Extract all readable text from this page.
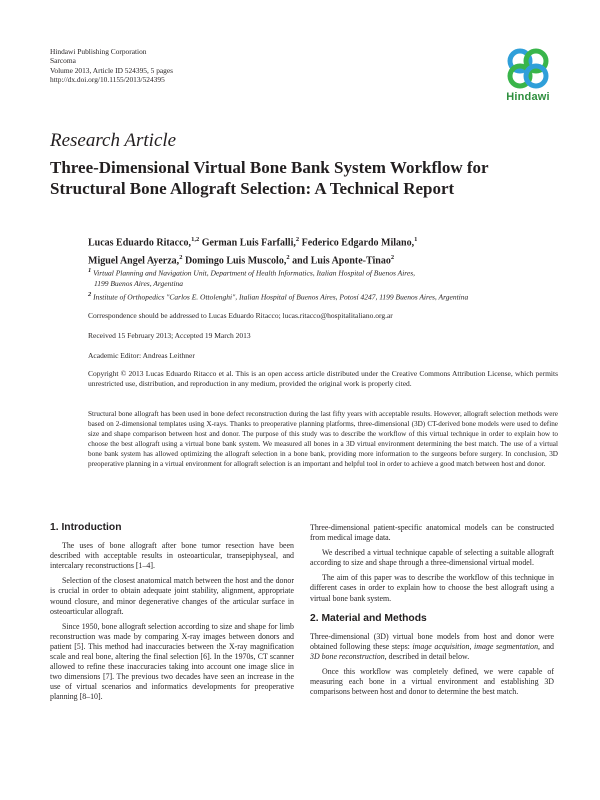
Hindawi Publishing Corporation
Sarcoma
Volume 2013, Article ID 524395, 5 pages
http://dx.doi.org/10.1155/2013/524395
Hindawi
Research Article
Three-Dimensional Virtual Bone Bank System Workflow for
Structural Bone Allograft Selection: A Technical Report
Lucas Eduardo Ritacco,$^{1,2}$ German Luis Farfalli,$^2$ Federico Edgardo Milano,$^1$
Miguel Angel Ayerza,$^2$ Domingo Luis Muscolo,$^2$ and Luis Aponte-Tinao$^2$
$^1$ Virtual Planning and Navigation Unit, Department of Health Informatics, Italian Hospital of Buenos Aires,
1199 Buenos Aires, Argentina
$^2$ Institute of Orthopedics "Carlos E. Ottolenghi", Italian Hospital of Buenos Aires, Potosí 4247, 1199 Buenos Aires, Argentina
Correspondence should be addressed to Lucas Eduardo Ritacco; lucas.ritacco@hospitalitaliano.org.ar
Received 15 February 2013; Accepted 19 March 2013
Academic Editor: Andreas Leithner
Copyright © 2013 Lucas Eduardo Ritacco et al. This is an open access article distributed under the Creative Commons Attribution License, which permits unrestricted use, distribution, and reproduction in any medium, provided the original work is properly cited.
Structural bone allograft has been used in bone defect reconstruction during the last fifty years with acceptable results. However, allograft selection methods were based on 2-dimensional templates using X-rays. Thanks to preoperative planning platforms, three-dimensional (3D) CT-derived bone models were used to define size and shape comparison between host and donor. The purpose of this study was to describe the workflow of this virtual technique in order to explain how to choose the best allograft using a virtual bone bank system. We measured all bones in a 3D virtual environment determining the best match. The use of a virtual bone bank system has allowed optimizing the allograft selection in a bone bank, providing more information to the surgeons before surgery. In conclusion, 3D preoperative planning in a virtual environment for allograft selection is an important and helpful tool in order to achieve a good match between host and donor.
1. Introduction

The uses of bone allograft after bone tumor resection have been described with acceptable results in osteoarticular, transepiphyseal, and intercalary reconstructions [1–4].

Selection of the closest anatomical match between the host and the donor is crucial in order to obtain adequate joint stability, alignment, appropriate wound closure, and minor degenerative changes of the articular surface in osteoarticular allograft.

Since 1950, bone allograft selection according to size and shape for limb reconstruction was made by comparing X-ray images between donors and patient [5]. This method had inaccuracies between the X-ray magnification scale and real bone, altering the final selection [6]. In the 1970s, CT scanner allowed to refine these inaccuracies taking into account one image slice in two dimensions [7]. The previous two decades have seen an increase in the use of virtual scenarios and informatics developments for preoperative planning [8–10].

Three-dimensional patient-specific anatomical models can be constructed from medical image data.

We described a virtual technique capable of selecting a suitable allograft according to size and shape through a three-dimensional virtual model.

The aim of this paper was to describe the workflow of this technique in different cases in order to explain how to choose the best allograft using a virtual bone bank system.

2. Material and Methods

Three-dimensional (3D) virtual bone models from host and donor were obtained following these steps: image acquisition, image segmentation, and 3D bone reconstruction, described in detail below.

Once this workflow was completely defined, we were capable of measuring each bone in a virtual environment and establishing 3D comparisons between host and donor to determine the best match.
